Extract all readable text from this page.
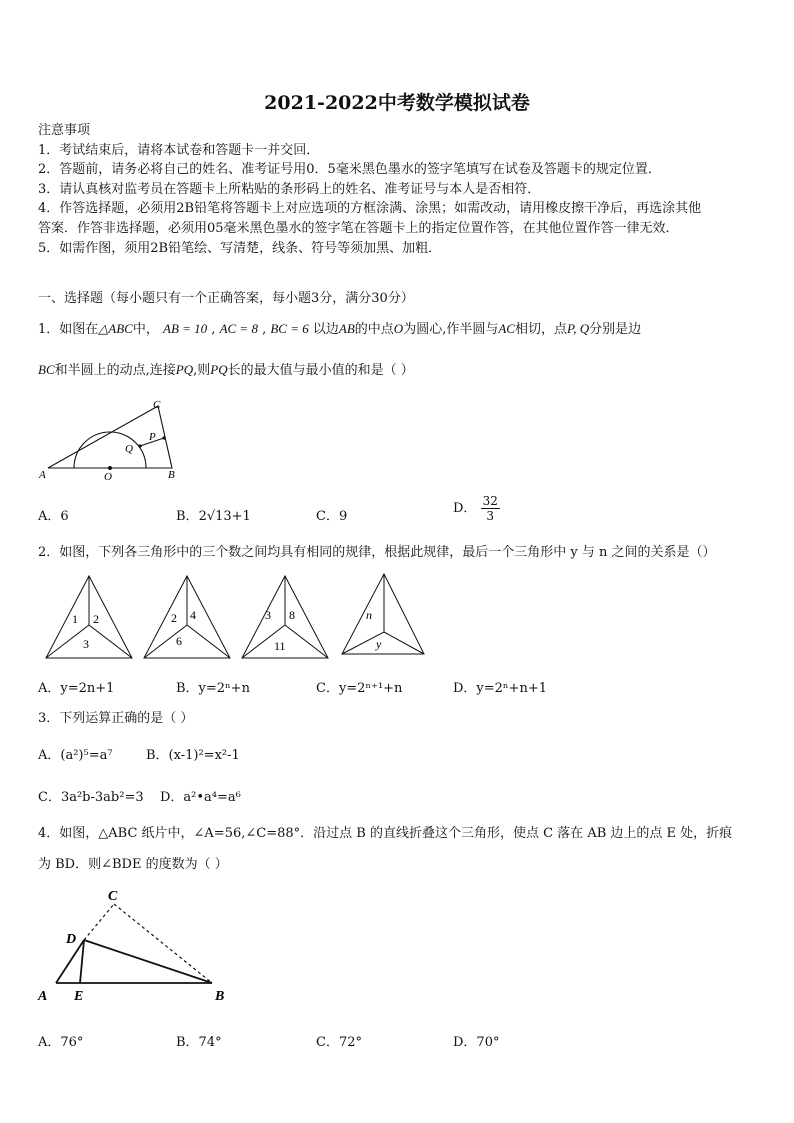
2021-2022中考数学模拟试卷
注意事项
1．考试结束后，请将本试卷和答题卡一并交回．
2．答题前，请务必将自己的姓名、准考证号用0．5毫米黑色墨水的签字笔填写在试卷及答题卡的规定位置．
3．请认真核对监考员在答题卡上所粘贴的条形码上的姓名、准考证号与本人是否相符．
4．作答选择题，必须用2B铅笔将答题卡上对应选项的方框涂满、涂黑；如需改动，请用橡皮擦干净后，再选涂其他
答案．作答非选择题，必须用05毫米黑色墨水的签字笔在答题卡上的指定位置作答，在其他位置作答一律无效．
5．如需作图，须用2B铅笔绘、写清楚，线条、符号等须加黑、加粗．
一、选择题（每小题只有一个正确答案，每小题3分，满分30分）
1．如图在△ABC中， AB = 10 , AC = 8 , BC = 6 以边AB的中点O为圆心,作半圆与AC相切，点P, Q分别是边
BC和半圆上的动点,连接PQ,则PQ长的最大值与最小值的和是（ ）
A	B
C
O
P
Q
A．6	B．2√13+1	C．9
D． $\frac{32}{3}$
2．如图，下列各三角形中的三个数之间均具有相同的规律，根据此规律，最后一个三角形中 y 与 n 之间的关系是（）
1 2
3
2 4
6
3 8
11
n
y
A．y=2n+1	B．y=2ⁿ+n	C．y=2ⁿ⁺¹+n	D．y=2ⁿ+n+1
3．下列运算正确的是（ ）
A．(a²)⁵=a⁷	B．(x-1)²=x²-1
C．3a²b-3ab²=3 D．a²•a⁴=a⁶
4．如图，△ABC 纸片中，∠A=56,∠C=88°．沿过点 B 的直线折叠这个三角形，使点 C 落在 AB 边上的点 E 处，折痕
为 BD．则∠BDE 的度数为（ ）
A E	B
C
D
A．76°	B．74°	C．72°	D．70°
